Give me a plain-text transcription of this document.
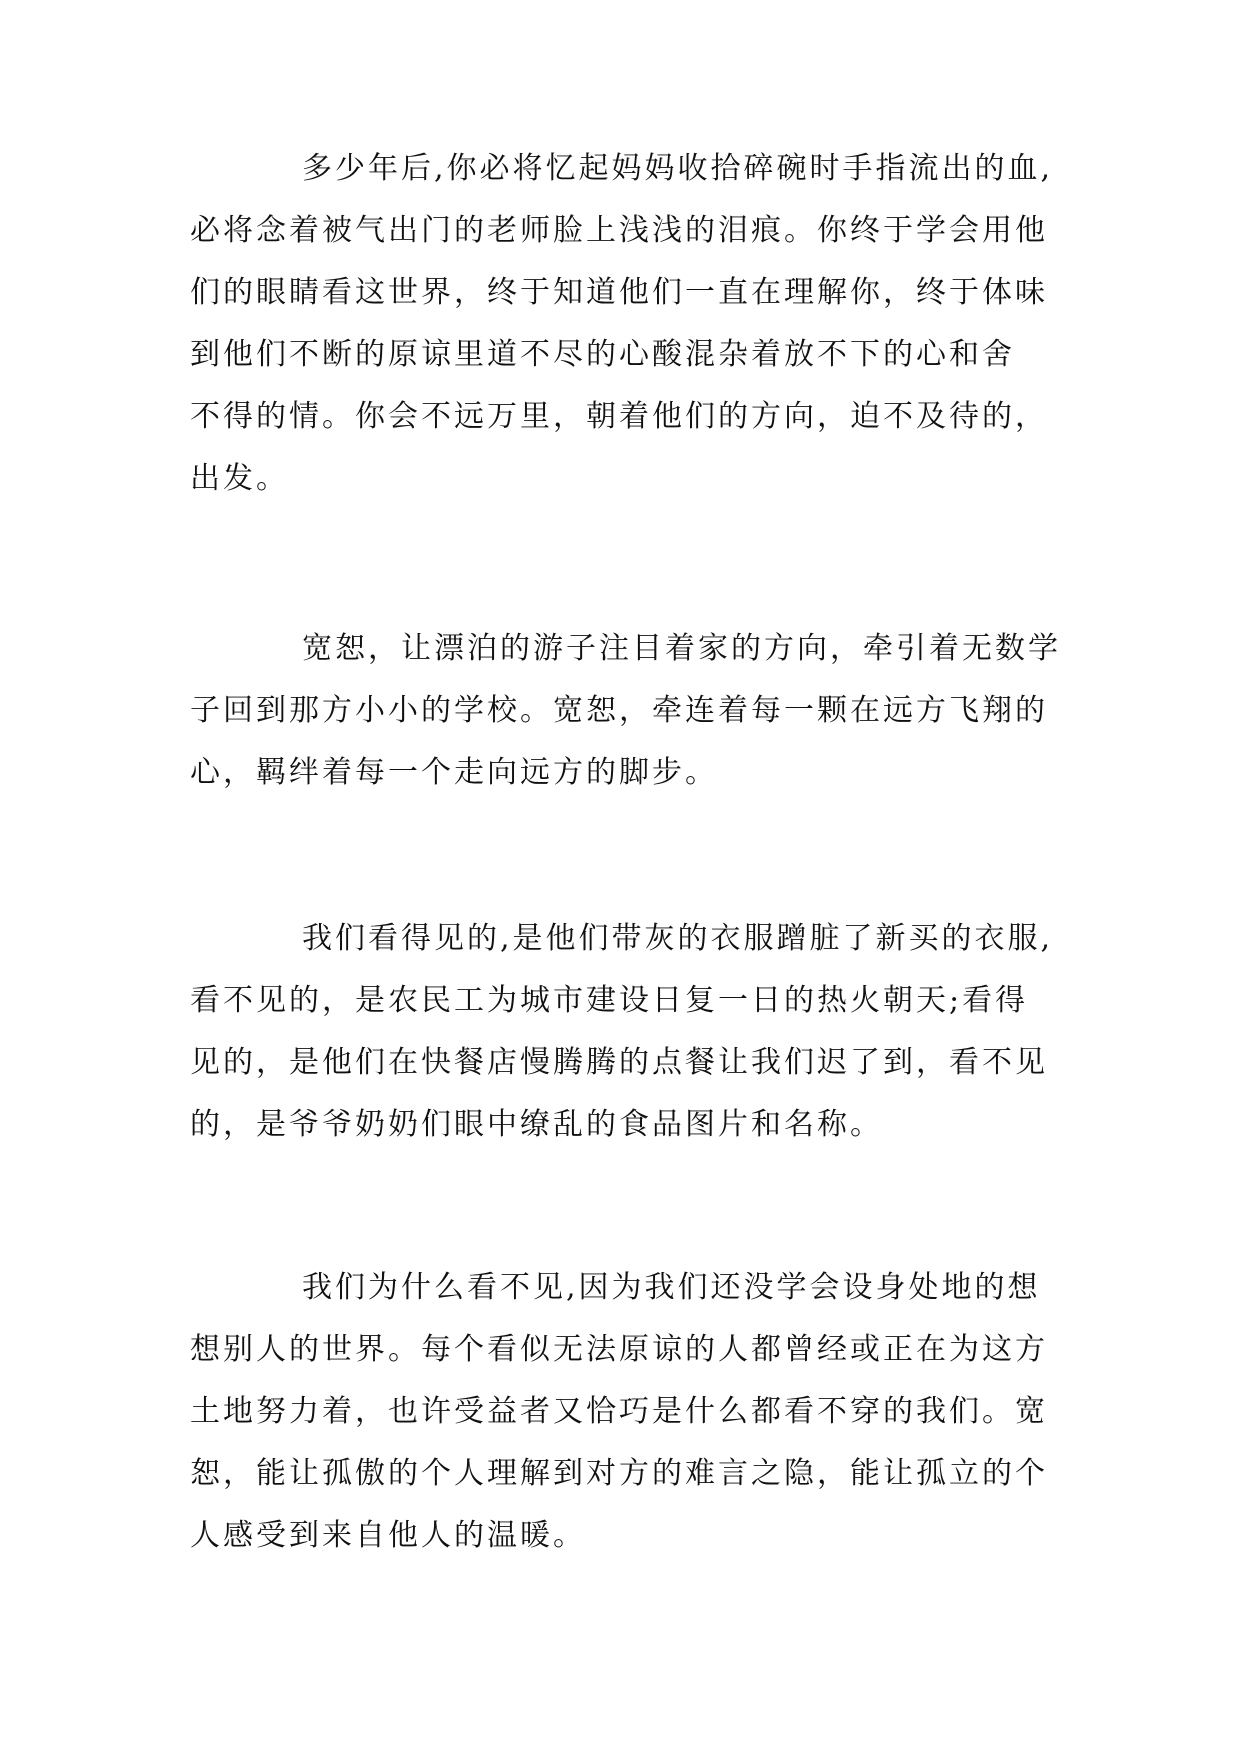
多少年后,你必将忆起妈妈收拾碎碗时手指流出的血,
必将念着被气出门的老师脸上浅浅的泪痕。你终于学会用他
们的眼睛看这世界，终于知道他们一直在理解你，终于体味
到他们不断的原谅里道不尽的心酸混杂着放不下的心和舍
不得的情。你会不远万里，朝着他们的方向，迫不及待的，
出发。
宽恕，让漂泊的游子注目着家的方向，牵引着无数学
子回到那方小小的学校。宽恕，牵连着每一颗在远方飞翔的
心，羁绊着每一个走向远方的脚步。
我们看得见的,是他们带灰的衣服蹭脏了新买的衣服,
看不见的，是农民工为城市建设日复一日的热火朝天;看得
见的，是他们在快餐店慢腾腾的点餐让我们迟了到，看不见
的，是爷爷奶奶们眼中缭乱的食品图片和名称。
我们为什么看不见,因为我们还没学会设身处地的想
想别人的世界。每个看似无法原谅的人都曾经或正在为这方
土地努力着，也许受益者又恰巧是什么都看不穿的我们。宽
恕，能让孤傲的个人理解到对方的难言之隐，能让孤立的个
人感受到来自他人的温暖。
